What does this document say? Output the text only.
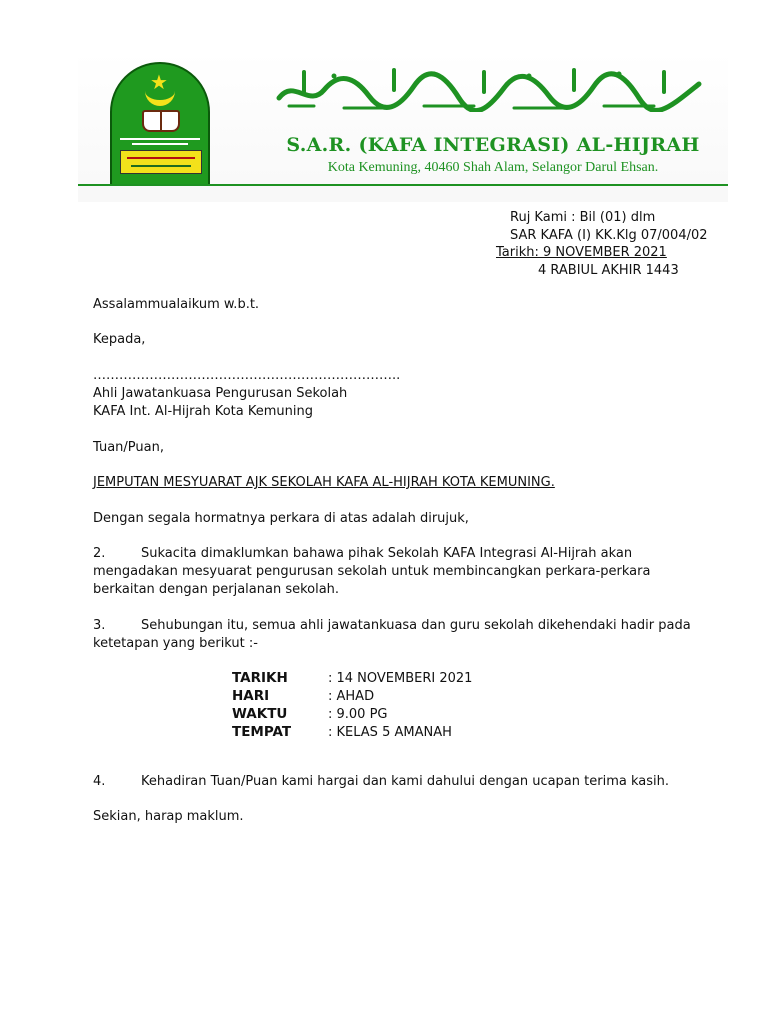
★
S.A.R. (KAFA INTEGRASI) AL-HIJRAH
Kota Kemuning, 40460 Shah Alam, Selangor Darul Ehsan.
Ruj Kami : Bil (01) dlm
SAR KAFA (I) KK.Klg 07/004/02
Tarikh: 9 NOVEMBER 2021
4 RABIUL AKHIR 1443
Assalammualaikum w.b.t.
Kepada,
……………………………………………………………..
Ahli Jawatankuasa Pengurusan Sekolah
KAFA Int. Al-Hijrah Kota Kemuning
Tuan/Puan,
JEMPUTAN MESYUARAT AJK SEKOLAH KAFA AL-HIJRAH KOTA KEMUNING.
Dengan segala hormatnya perkara di atas adalah dirujuk,
2.	Sukacita dimaklumkan bahawa pihak Sekolah KAFA Integrasi Al-Hijrah akan mengadakan mesyuarat pengurusan sekolah untuk membincangkan perkara-perkara berkaitan dengan perjalanan sekolah.
3.	Sehubungan itu, semua ahli jawatankuasa dan guru sekolah dikehendaki hadir pada ketetapan yang berikut :-
TARIKH	: 14 NOVEMBERI 2021
HARI	: AHAD
WAKTU	: 9.00 PG
TEMPAT	: KELAS 5 AMANAH
4.	Kehadiran Tuan/Puan kami hargai dan kami dahului dengan ucapan terima kasih.
Sekian, harap maklum.
